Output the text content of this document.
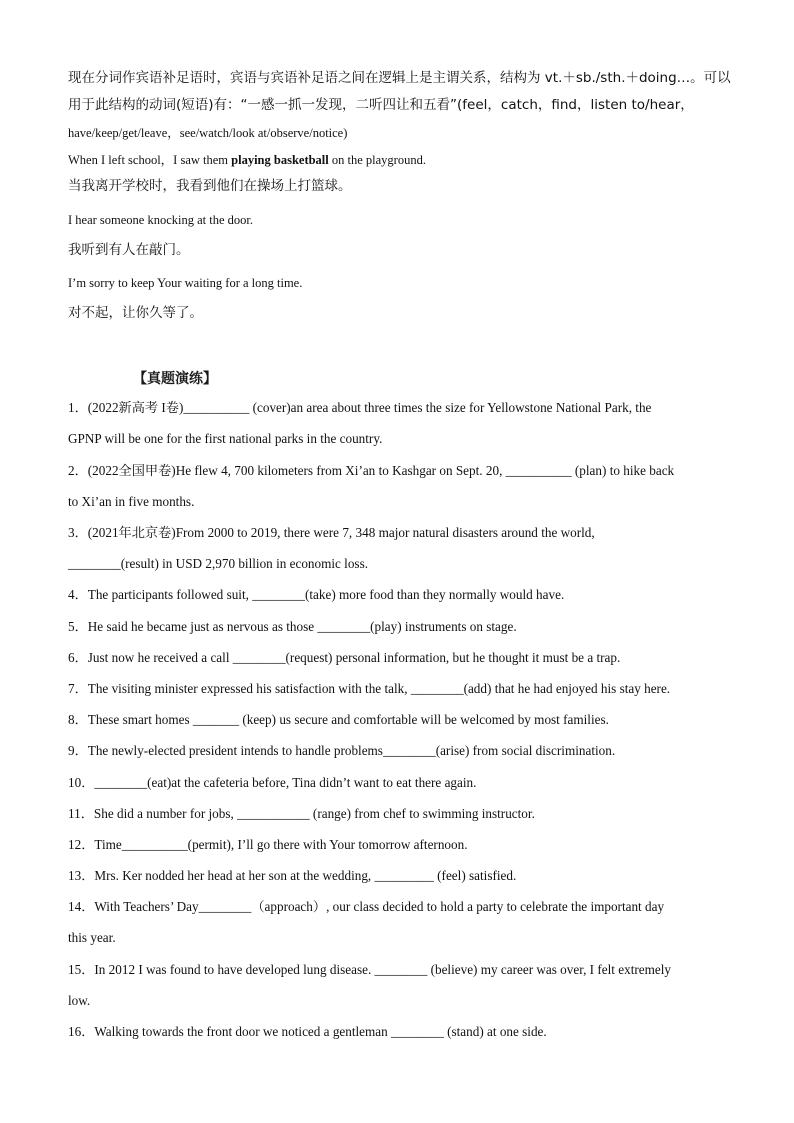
现在分词作宾语补足语时，宾语与宾语补足语之间在逻辑上是主谓关系，结构为 vt.＋sb./sth.＋doing…。可以
用于此结构的动词(短语)有：“一感一抓一发现，二听四让和五看”(feel，catch，find，listen to/hear，
have/keep/get/leave，see/watch/look at/observe/notice)
When I left school，I saw them playing basketball on the playground.
当我离开学校时，我看到他们在操场上打篮球。
I hear someone knocking at the door.
我听到有人在敲门。
I’m sorry to keep Your waiting for a long time.
对不起，让你久等了。
【真题演练】
1．(2022新高考 I卷)__________ (cover)an area about three times the size for Yellowstone National Park, the
GPNP will be one for the first national parks in the country.
2．(2022全国甲卷)He flew 4, 700 kilometers from Xi’an to Kashgar on Sept. 20, __________ (plan) to hike back
to Xi’an in five months.
3．(2021年北京卷)From 2000 to 2019, there were 7, 348 major natural disasters around the world,
________(result) in USD 2,970 billion in economic loss.
4．The participants followed suit, ________(take) more food than they normally would have.
5．He said he became just as nervous as those ________(play) instruments on stage.
6．Just now he received a call ________(request) personal information, but he thought it must be a trap.
7．The visiting minister expressed his satisfaction with the talk, ________(add) that he had enjoyed his stay here.
8．These smart homes _______ (keep) us secure and comfortable will be welcomed by most families.
9．The newly-elected president intends to handle problems________(arise) from social discrimination.
10．________(eat)at the cafeteria before, Tina didn’t want to eat there again.
11．She did a number for jobs, ___________ (range) from chef to swimming instructor.
12．Time__________(permit), I’ll go there with Your tomorrow afternoon.
13．Mrs. Ker nodded her head at her son at the wedding, _________ (feel) satisfied.
14．With Teachers’ Day________（approach）, our class decided to hold a party to celebrate the important day
this year.
15．In 2012 I was found to have developed lung disease. ________ (believe) my career was over, I felt extremely
low.
16．Walking towards the front door we noticed a gentleman ________ (stand) at one side.
